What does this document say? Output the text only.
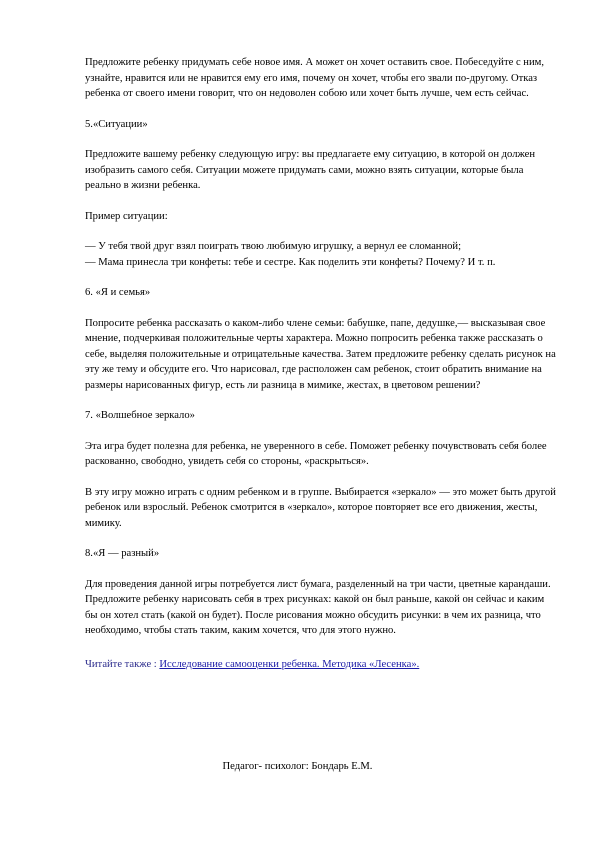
Предложите ребенку придумать себе новое имя. А может он хочет оставить свое. Побеседуйте с ним, узнайте, нравится или не нравится ему его имя, почему он хочет, чтобы его звали по-другому. Отказ ребенка от своего имени говорит, что он недоволен собою или хочет быть лучше, чем есть сейчас.

5.«Ситуации»

Предложите вашему ребенку следующую игру: вы предлагаете ему ситуацию, в которой он должен изобразить самого себя. Ситуации можете придумать сами, можно взять ситуации, которые была реально в жизни ребенка.

Пример ситуации:

— У тебя твой друг взял поиграть твою любимую игрушку, а вернул ее сломанной;

— Мама принесла три конфеты: тебе и сестре. Как поделить эти конфеты? Почему? И т. п.

6. «Я и семья»

Попросите ребенка рассказать о каком-либо члене семьи: бабушке, папе, дедушке,— высказывая свое мнение, подчеркивая положительные черты характера. Можно попросить ребенка также рассказать о себе, выделяя положительные и отрицательные качества. Затем предложите ребенку сделать рисунок на эту же тему и обсудите его. Что нарисовал, где расположен сам ребенок, стоит обратить внимание на размеры нарисованных фигур, есть ли разница в мимике, жестах, в цветовом решении?

7. «Волшебное зеркало»

Эта игра будет полезна для ребенка, не уверенного в себе. Поможет ребенку почувствовать себя более раскованно, свободно, увидеть себя со стороны, «раскрыться».

В эту игру можно играть с одним ребенком и в группе. Выбирается «зеркало» — это может быть другой ребенок или взрослый. Ребенок смотрится в «зеркало», которое повторяет все его движения, жесты, мимику.

8.«Я — разный»

Для проведения данной игры потребуется лист бумага, разделенный на три части, цветные карандаши. Предложите ребенку нарисовать себя в трех рисунках: какой он был раньше, какой он сейчас и каким бы он хотел стать (какой он будет). После рисования можно обсудить рисунки: в чем их разница, что необходимо, чтобы стать таким, каким хочется, что для этого нужно.

Читайте также : Исследование самооценки ребенка. Методика «Лесенка».

Педагог- психолог: Бондарь Е.М.
